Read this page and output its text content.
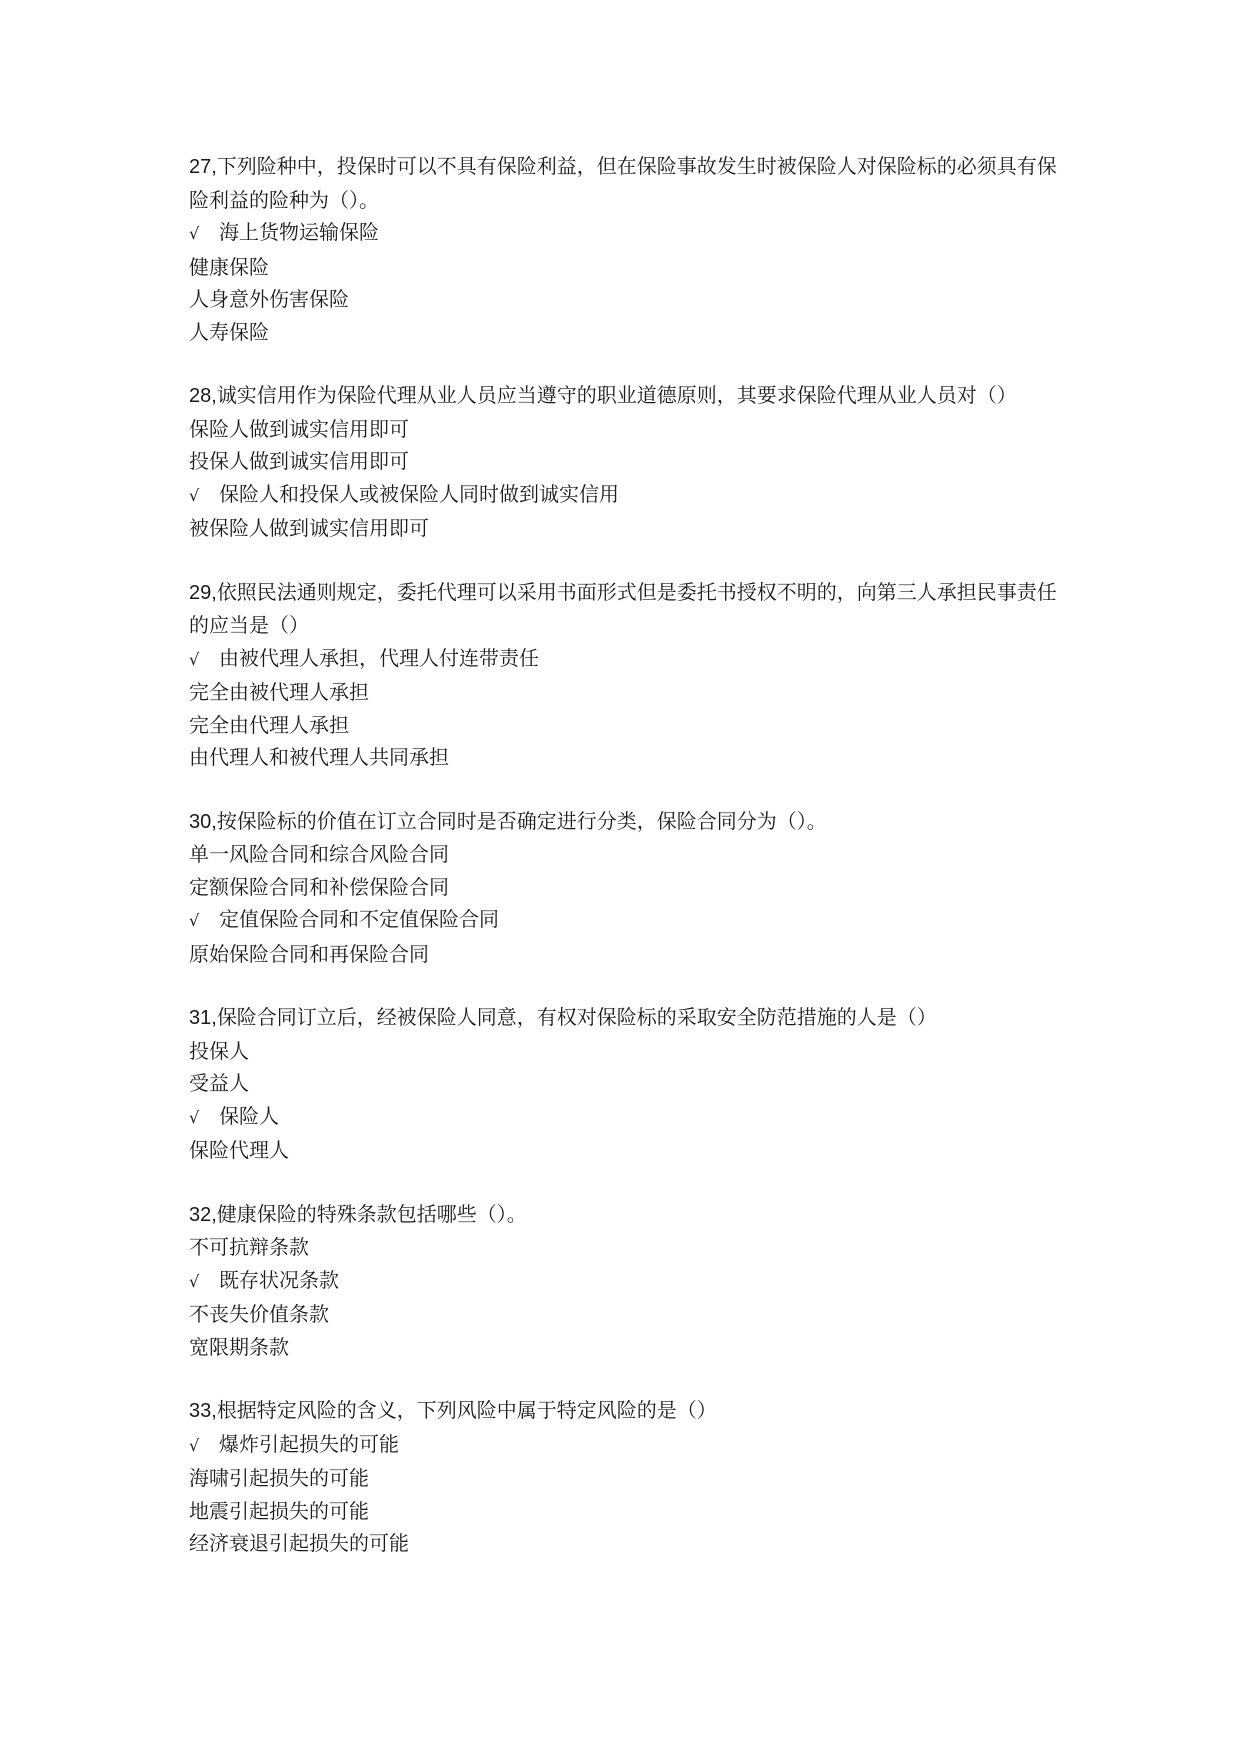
27,下列险种中，投保时可以不具有保险利益，但在保险事故发生时被保险人对保险标的必须具有保险利益的险种为（）。

√ 海上货物运输保险

健康保险

人身意外伤害保险

人寿保险

28,诚实信用作为保险代理从业人员应当遵守的职业道德原则，其要求保险代理从业人员对（）

保险人做到诚实信用即可

投保人做到诚实信用即可

√ 保险人和投保人或被保险人同时做到诚实信用

被保险人做到诚实信用即可

29,依照民法通则规定，委托代理可以采用书面形式但是委托书授权不明的，向第三人承担民事责任的应当是（）

√ 由被代理人承担，代理人付连带责任

完全由被代理人承担

完全由代理人承担

由代理人和被代理人共同承担

30,按保险标的价值在订立合同时是否确定进行分类，保险合同分为（）。

单一风险合同和综合风险合同

定额保险合同和补偿保险合同

√ 定值保险合同和不定值保险合同

原始保险合同和再保险合同

31,保险合同订立后，经被保险人同意，有权对保险标的采取安全防范措施的人是（）

投保人

受益人

√ 保险人

保险代理人

32,健康保险的特殊条款包括哪些（）。

不可抗辩条款

√ 既存状况条款

不丧失价值条款

宽限期条款

33,根据特定风险的含义，下列风险中属于特定风险的是（）

√ 爆炸引起损失的可能

海啸引起损失的可能

地震引起损失的可能

经济衰退引起损失的可能
